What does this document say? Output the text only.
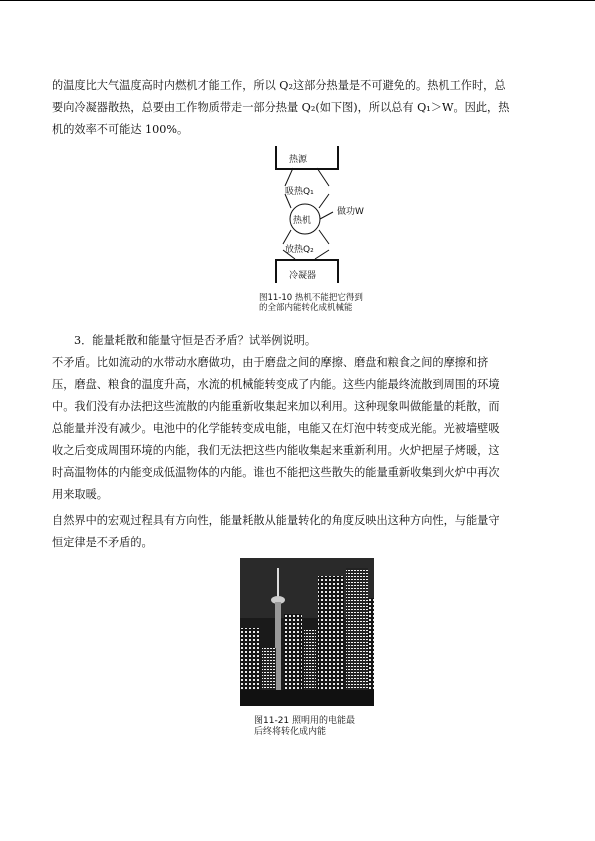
的温度比大气温度高时内燃机才能工作，所以 Q₂这部分热量是不可避免的。热机工作时，总
要向冷凝器散热，总要由工作物质带走一部分热量 Q₂(如下图)，所以总有 Q₁＞W。因此，热
机的效率不可能达 100%。
热源
吸热Q₁
热机
做功W
放热Q₂
冷凝器
图11-10 热机不能把它得到
的全部内能转化成机械能
3．能量耗散和能量守恒是否矛盾？试举例说明。
不矛盾。比如流动的水带动水磨做功，由于磨盘之间的摩擦、磨盘和粮食之间的摩擦和挤
压，磨盘、粮食的温度升高，水流的机械能转变成了内能。这些内能最终流散到周围的环境
中。我们没有办法把这些流散的内能重新收集起来加以利用。这种现象叫做能量的耗散，而
总能量并没有减少。电池中的化学能转变成电能，电能又在灯泡中转变成光能。光被墙壁吸
收之后变成周围环境的内能，我们无法把这些内能收集起来重新利用。火炉把屋子烤暖，这
时高温物体的内能变成低温物体的内能。谁也不能把这些散失的能量重新收集到火炉中再次
用来取暖。
自然界中的宏观过程具有方向性，能量耗散从能量转化的角度反映出这种方向性，与能量守
恒定律是不矛盾的。
图11-21 照明用的电能最
后终将转化成内能
